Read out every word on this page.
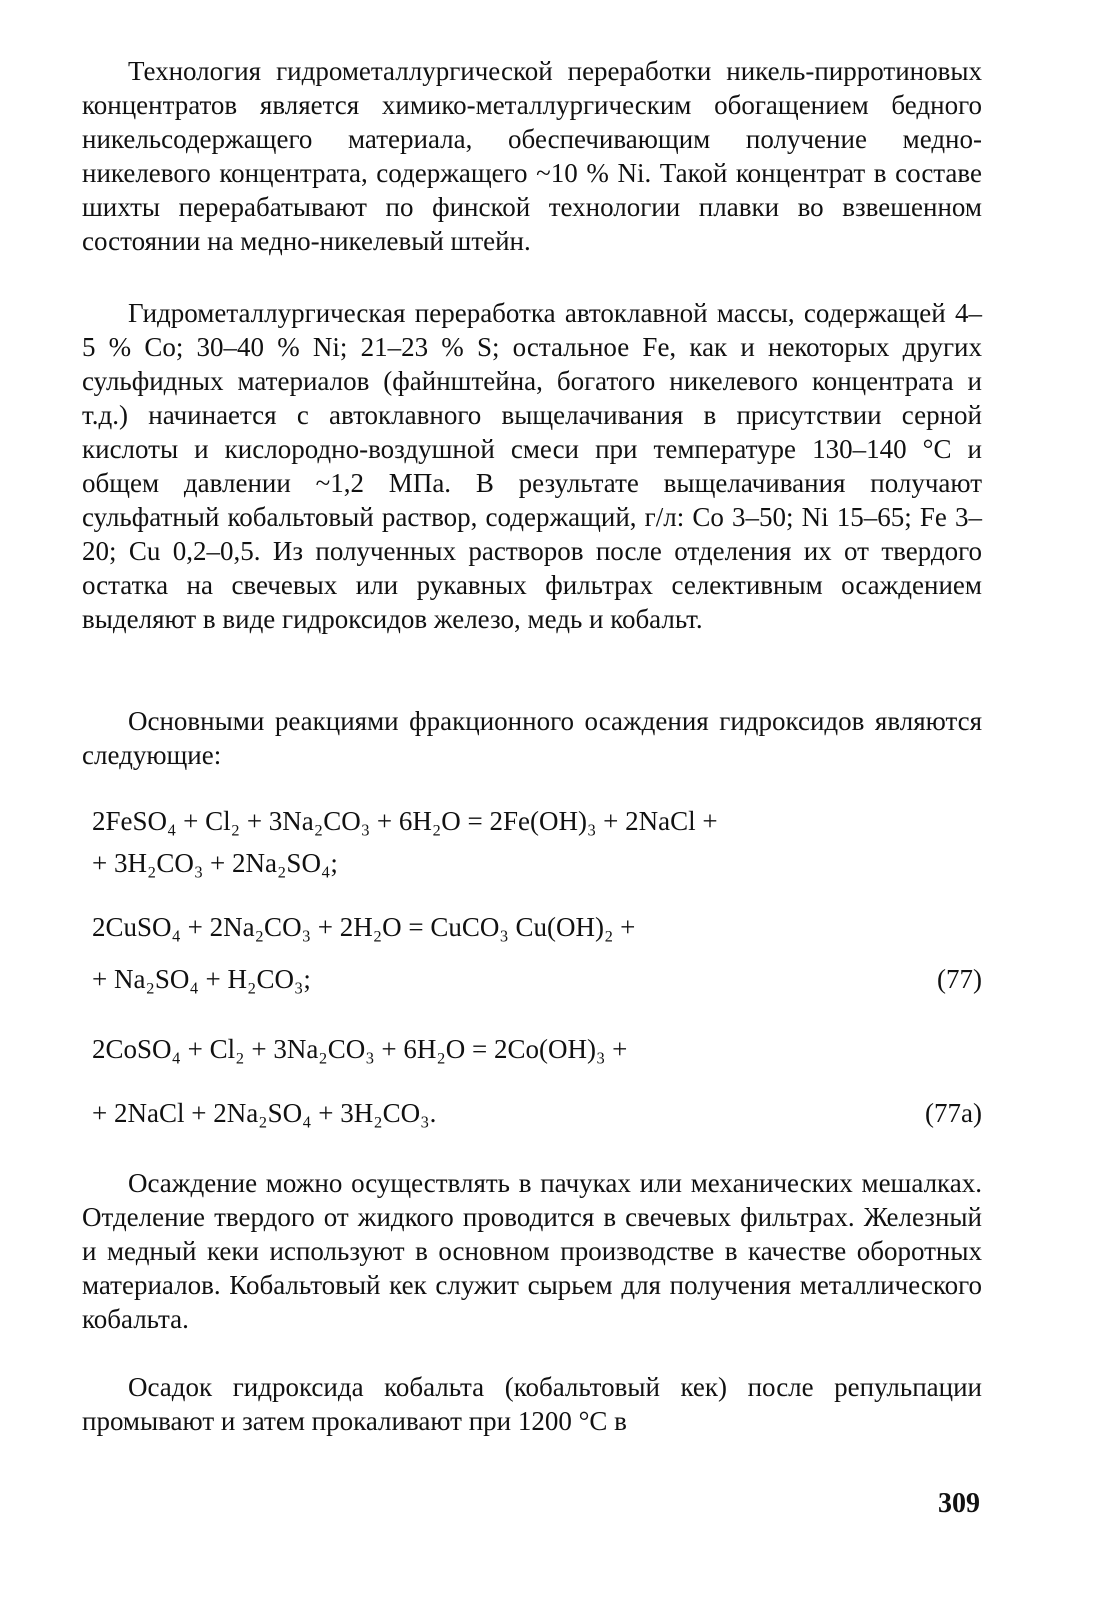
Технология гидрометаллургической переработки никель-пирротиновых концентратов является химико-металлургическим обогащением бедного никельсодержащего материала, обеспечивающим получение медно-никелевого концентрата, содержащего ~10 % Ni. Такой концентрат в составе шихты перерабатывают по финской технологии плавки во взвешенном состоянии на медно-никелевый штейн.

Гидрометаллургическая переработка автоклавной массы, содержащей 4–5 % Co; 30–40 % Ni; 21–23 % S; остальное Fe, как и некоторых других сульфидных материалов (файнштейна, богатого никелевого концентрата и т.д.) начинается с автоклавного выщелачивания в присутствии серной кислоты и кислородно-воздушной смеси при температуре 130–140 °С и общем давлении ~1,2 МПа. В результате выщелачивания получают сульфатный кобальтовый раствор, содержащий, г/л: Co 3–50; Ni 15–65; Fe 3–20; Cu 0,2–0,5. Из полученных растворов после отделения их от твердого остатка на свечевых или рукавных фильтрах селективным осаждением выделяют в виде гидроксидов железо, медь и кобальт.

Основными реакциями фракционного осаждения гидроксидов являются следующие:

2FeSO₄ + Cl₂ + 3Na₂CO₃ + 6H₂O = 2Fe(OH)₃ + 2NaCl +
+ 3H₂CO₃ + 2Na₂SO₄;
2CuSO₄ + 2Na₂CO₃ + 2H₂O = CuCO₃ Cu(OH)₂ +
+ Na₂SO₄ + H₂CO₃;	(77)
2CoSO₄ + Cl₂ + 3Na₂CO₃ + 6H₂O = 2Co(OH)₃ +
+ 2NaCl + 2Na₂SO₄ + 3H₂CO₃.	(77а)

Осаждение можно осуществлять в пачуках или механических мешалках. Отделение твердого от жидкого проводится в свечевых фильтрах. Железный и медный кеки используют в основном производстве в качестве оборотных материалов. Кобальтовый кек служит сырьем для получения металлического кобальта.

Осадок гидроксида кобальта (кобальтовый кек) после репульпации промывают и затем прокаливают при 1200 °С в

309
